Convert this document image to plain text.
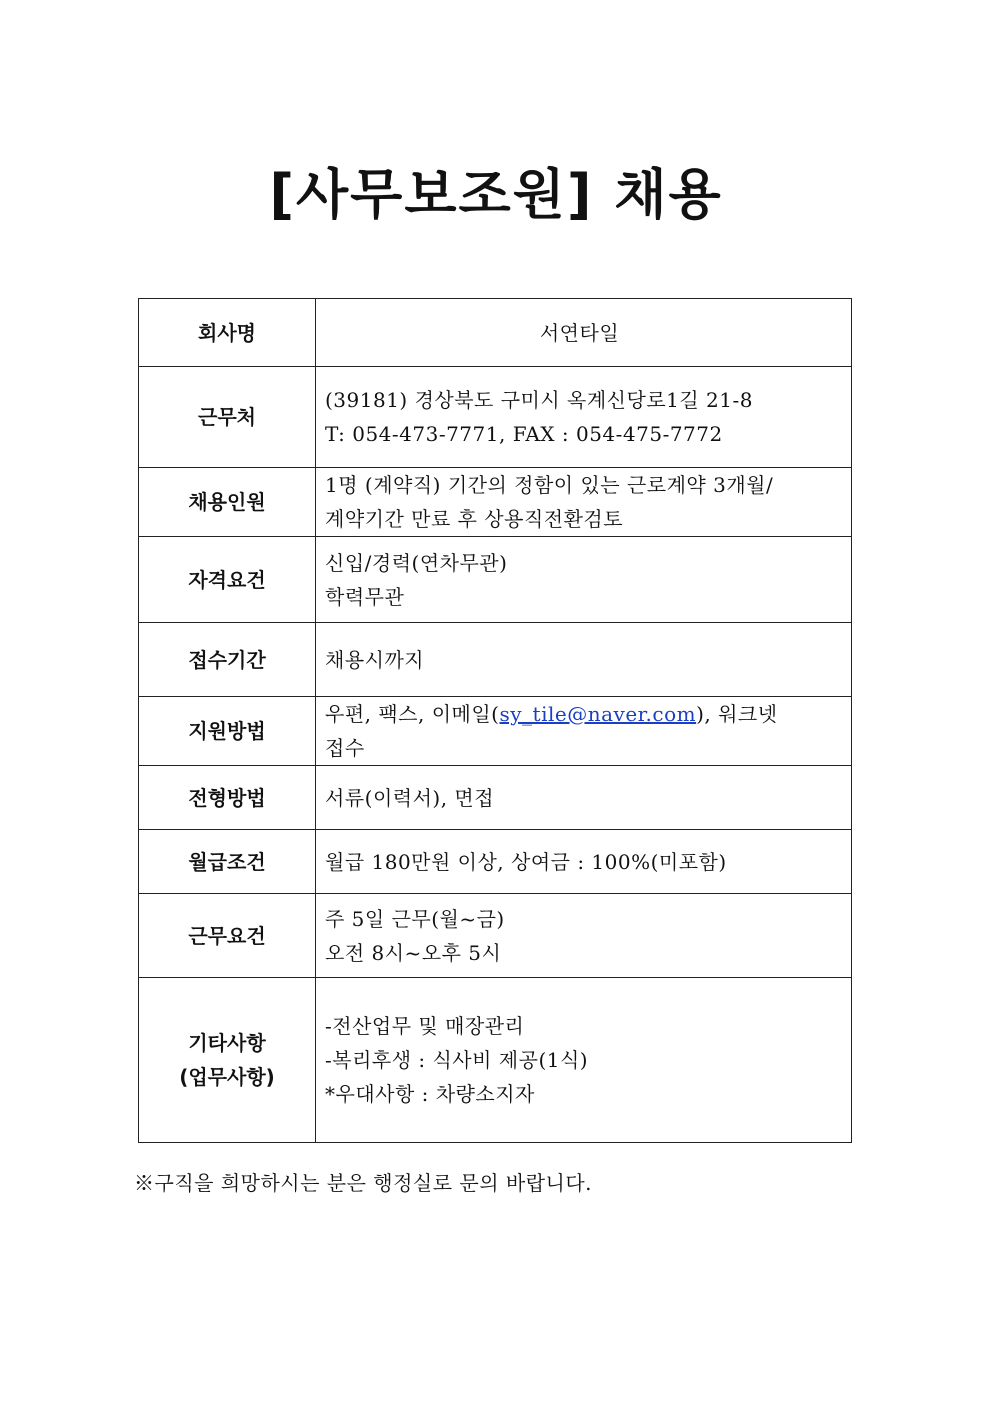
[사무보조원] 채용
회사명	서연타일

근무처	(39181) 경상북도 구미시 옥계신당로1길 21-8
T: 054-473-7771, FAX : 054-475-7772

채용인원	1명 (계약직) 기간의 정함이 있는 근로계약 3개월/
계약기간 만료 후 상용직전환검토

자격요건	신입/경력(연차무관)
학력무관

접수기간	채용시까지

지원방법	우편, 팩스, 이메일(sy_tile@naver.com), 워크넷
접수

전형방법	서류(이력서), 면접

월급조건	월급 180만원 이상, 상여금 : 100%(미포함)

근무요건	주 5일 근무(월~금)
오전 8시~오후 5시

기타사항
(업무사항)	-전산업무 및 매장관리
-복리후생 : 식사비 제공(1식)
*우대사항 : 차량소지자
※구직을 희망하시는 분은 행정실로 문의 바랍니다.
